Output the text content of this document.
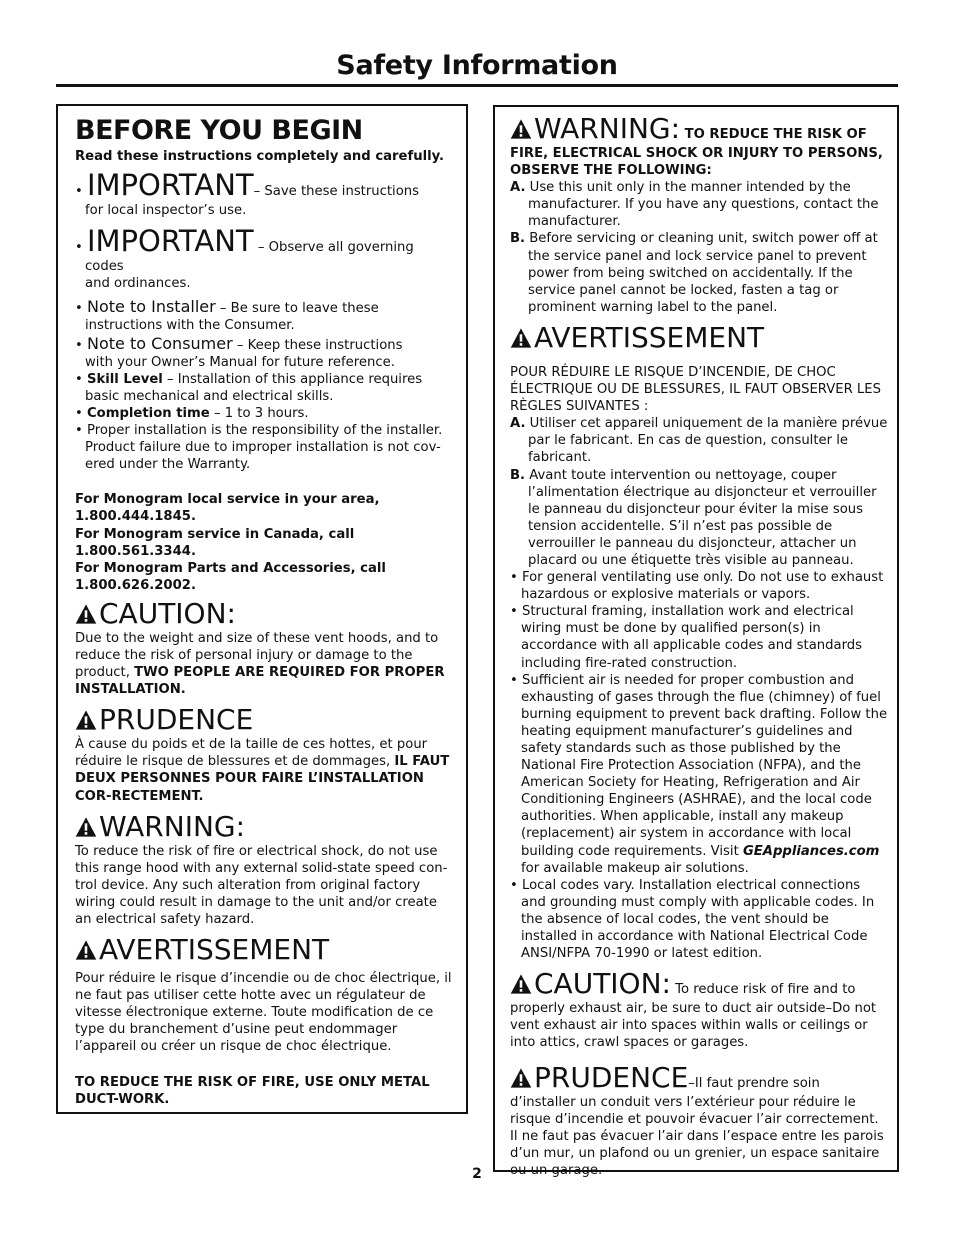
Safety Information

BEFORE YOU BEGIN

Read these instructions completely and carefully.

• IMPORTANT– Save these instructions

for local inspector’s use.

• IMPORTANT – Observe all governing codes

and ordinances.

• Note to Installer – Be sure to leave these

instructions with the Consumer.

• Note to Consumer – Keep these instructions

with your Owner’s Manual for future reference.

• Skill Level – Installation of this appliance requires basic mechanical and electrical skills.

• Completion time – 1 to 3 hours.

• Proper installation is the responsibility of the installer. Product failure due to improper installation is not cov-ered under the Warranty.

For Monogram local service in your area,

1.800.444.1845.

For Monogram service in Canada, call

1.800.561.3344.

For Monogram Parts and Accessories, call

1.800.626.2002.

CAUTION:

Due to the weight and size of these vent hoods, and to reduce the risk of personal injury or damage to the product, TWO PEOPLE ARE REQUIRED FOR PROPER INSTALLATION.

PRUDENCE

À cause du poids et de la taille de ces hottes, et pour réduire le risque de blessures et de dommages, IL FAUT DEUX PERSONNES POUR FAIRE L’INSTALLATION COR-RECTEMENT.

WARNING:

To reduce the risk of fire or electrical shock, do not use this range hood with any external solid-state speed con-trol device. Any such alteration from original factory wiring could result in damage to the unit and/or create an electrical safety hazard.

AVERTISSEMENT

Pour réduire le risque d’incendie ou de choc électrique, il ne faut pas utiliser cette hotte avec un régulateur de vitesse électronique externe. Toute modification de ce type du branchement d’usine peut endommager l’appareil ou créer un risque de choc électrique.

TO REDUCE THE RISK OF FIRE, USE ONLY METAL DUCT-WORK.

WARNING: TO REDUCE THE RISK OF FIRE, ELECTRICAL SHOCK OR INJURY TO PERSONS, OBSERVE THE FOLLOWING:

A. Use this unit only in the manner intended by the manufacturer. If you have any questions, contact the manufacturer.

B. Before servicing or cleaning unit, switch power off at the service panel and lock service panel to prevent power from being switched on accidentally. If the service panel cannot be locked, fasten a tag or prominent warning label to the panel.

AVERTISSEMENT

POUR RÉDUIRE LE RISQUE D’INCENDIE, DE CHOC ÉLECTRIQUE OU DE BLESSURES, IL FAUT OBSERVER LES RÈGLES SUIVANTES :

A. Utiliser cet appareil uniquement de la manière prévue par le fabricant. En cas de question, consulter le fabricant.

B. Avant toute intervention ou nettoyage, couper l’alimentation électrique au disjoncteur et verrouiller le panneau du disjoncteur pour éviter la mise sous tension accidentelle. S’il n’est pas possible de verrouiller le panneau du disjoncteur, attacher un placard ou une étiquette très visible au panneau.

• For general ventilating use only. Do not use to exhaust hazardous or explosive materials or vapors.

• Structural framing, installation work and electrical wiring must be done by qualified person(s) in accordance with all applicable codes and standards including fire-rated construction.

• Sufficient air is needed for proper combustion and exhausting of gases through the flue (chimney) of fuel burning equipment to prevent back drafting. Follow the heating equipment manufacturer’s guidelines and safety standards such as those published by the National Fire Protection Association (NFPA), and the American Society for Heating, Refrigeration and Air Conditioning Engineers (ASHRAE), and the local code authorities. When applicable, install any makeup (replacement) air system in accordance with local building code requirements. Visit GEAppliances.com for available makeup air solutions.

• Local codes vary. Installation electrical connections and grounding must comply with applicable codes. In the absence of local codes, the vent should be installed in accordance with National Electrical Code ANSI/NFPA 70-1990 or latest edition.

CAUTION: To reduce risk of fire and to properly exhaust air, be sure to duct air outside–Do not vent exhaust air into spaces within walls or ceilings or into attics, crawl spaces or garages.

PRUDENCE–Il faut prendre soin d’installer un conduit vers l’extérieur pour réduire le risque d’incendie et pouvoir évacuer l’air correctement.

Il ne faut pas évacuer l’air dans l’espace entre les parois d’un mur, un plafond ou un grenier, un espace sanitaire ou un garage.

2
